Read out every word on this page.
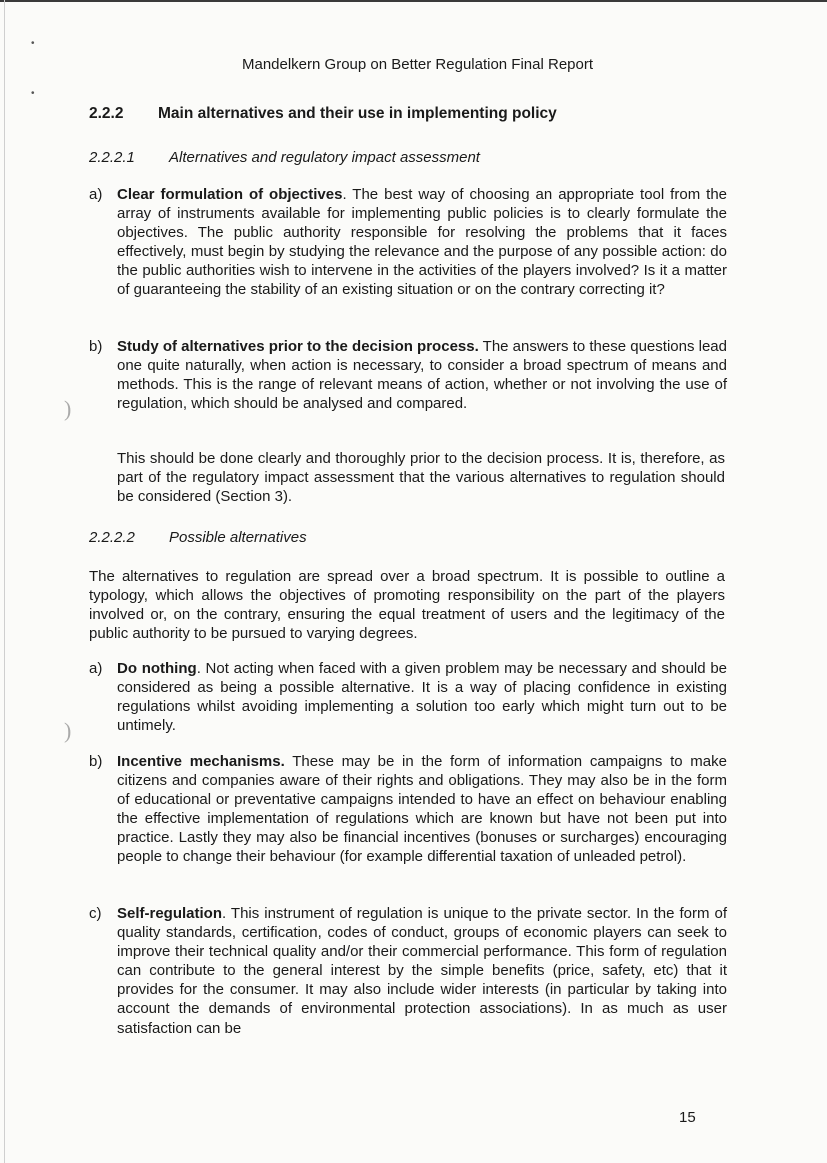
•
•
)
)
Mandelkern Group on Better Regulation Final Report
2.2.2 Main alternatives and their use in implementing policy
2.2.2.1 Alternatives and regulatory impact assessment
a) Clear formulation of objectives. The best way of choosing an appropriate tool from the array of instruments available for implementing public policies is to clearly formulate the objectives. The public authority responsible for resolving the problems that it faces effectively, must begin by studying the relevance and the purpose of any possible action: do the public authorities wish to intervene in the activities of the players involved? Is it a matter of guaranteeing the stability of an existing situation or on the contrary correcting it?
b) Study of alternatives prior to the decision process. The answers to these questions lead one quite naturally, when action is necessary, to consider a broad spectrum of means and methods. This is the range of relevant means of action, whether or not involving the use of regulation, which should be analysed and compared.
This should be done clearly and thoroughly prior to the decision process. It is, therefore, as part of the regulatory impact assessment that the various alternatives to regulation should be considered (Section 3).
2.2.2.2 Possible alternatives
The alternatives to regulation are spread over a broad spectrum. It is possible to outline a typology, which allows the objectives of promoting responsibility on the part of the players involved or, on the contrary, ensuring the equal treatment of users and the legitimacy of the public authority to be pursued to varying degrees.
a) Do nothing. Not acting when faced with a given problem may be necessary and should be considered as being a possible alternative. It is a way of placing confidence in existing regulations whilst avoiding implementing a solution too early which might turn out to be untimely.
b) Incentive mechanisms. These may be in the form of information campaigns to make citizens and companies aware of their rights and obligations. They may also be in the form of educational or preventative campaigns intended to have an effect on behaviour enabling the effective implementation of regulations which are known but have not been put into practice. Lastly they may also be financial incentives (bonuses or surcharges) encouraging people to change their behaviour (for example differential taxation of unleaded petrol).
c) Self-regulation. This instrument of regulation is unique to the private sector. In the form of quality standards, certification, codes of conduct, groups of economic players can seek to improve their technical quality and/or their commercial performance. This form of regulation can contribute to the general interest by the simple benefits (price, safety, etc) that it provides for the consumer. It may also include wider interests (in particular by taking into account the demands of environmental protection associations). In as much as user satisfaction can be
15
